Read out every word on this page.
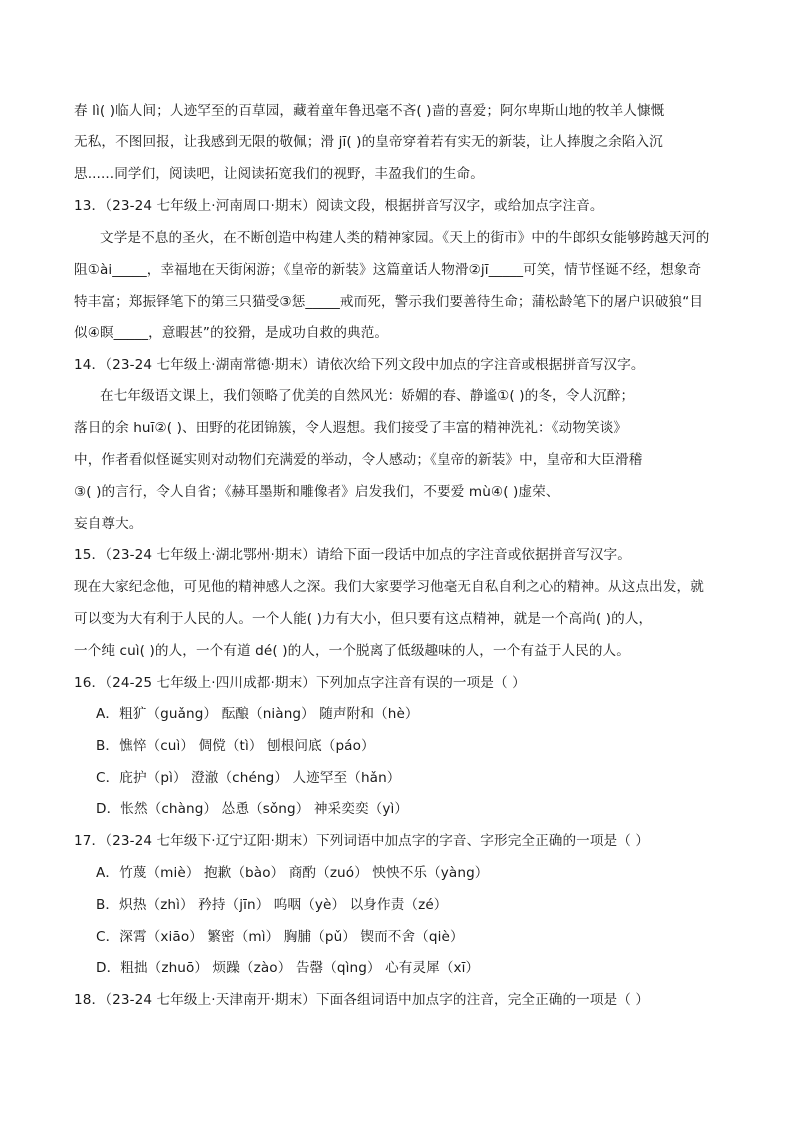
春 lì( )临人间；人迹罕至的百草园，藏着童年鲁迅毫不吝( )啬的喜爱；阿尔卑斯山地的牧羊人慷慨
无私，不图回报，让我感到无限的敬佩；滑 jī( )的皇帝穿着若有实无的新装，让人捧腹之余陷入沉
思......同学们，阅读吧，让阅读拓宽我们的视野，丰盈我们的生命。
13．（23-24 七年级上·河南周口·期末）阅读文段，根据拼音写汉字，或给加点字注音。
文学是不息的圣火，在不断创造中构建人类的精神家园。《天上的街市》中的牛郎织女能够跨越天河的
阻①ài_____，幸福地在天街闲游；《皇帝的新装》这篇童话人物滑②jī_____可笑，情节怪诞不经，想象奇
特丰富；郑振铎笔下的第三只猫受③惩_____戒而死，警示我们要善待生命；蒲松龄笔下的屠户识破狼“目
似④瞑_____，意暇甚”的狡猾，是成功自救的典范。
14．（23-24 七年级上·湖南常德·期末）请依次给下列文段中加点的字注音或根据拼音写汉字。
在七年级语文课上，我们领略了优美的自然风光：娇媚的春、静谧①( )的冬，令人沉醉；
落日的余 huī②( )、田野的花团锦簇，令人遐想。我们接受了丰富的精神洗礼：《动物笑谈》
中，作者看似怪诞实则对动物们充满爱的举动，令人感动；《皇帝的新装》中，皇帝和大臣滑稽
③( )的言行，令人自省；《赫耳墨斯和雕像者》启发我们，不要爱 mù④( )虚荣、
妄自尊大。
15．（23-24 七年级上·湖北鄂州·期末）请给下面一段话中加点的字注音或依据拼音写汉字。
现在大家纪念他，可见他的精神感人之深。我们大家要学习他毫无自私自利之心的精神。从这点出发，就
可以变为大有利于人民的人。一个人能( )力有大小，但只要有这点精神，就是一个高尚( )的人，
一个纯 cuì( )的人，一个有道 dé( )的人，一个脱离了低级趣味的人，一个有益于人民的人。
16．（24-25 七年级上·四川成都·期末）下列加点字注音有误的一项是（ ）
A．粗犷（guǎng） 酝酿（niàng） 随声附和（hè）
B．憔悴（cuì） 倜傥（tì） 刨根问底（páo）
C．庇护（pì） 澄澈（chéng） 人迹罕至（hǎn）
D．怅然（chàng） 怂恿（sǒng） 神采奕奕（yì）
17．（23-24 七年级下·辽宁辽阳·期末）下列词语中加点字的字音、字形完全正确的一项是（ ）
A．竹蔑（miè） 抱歉（bào） 商酌（zuó） 怏怏不乐（yàng）
B．炽热（zhì） 矜持（jīn） 呜咽（yè） 以身作责（zé）
C．深霄（xiāo） 繁密（mì） 胸脯（pǔ） 锲而不舍（qiè）
D．粗拙（zhuō） 烦躁（zào） 告罄（qìng） 心有灵犀（xī）
18．（23-24 七年级上·天津南开·期末）下面各组词语中加点字的注音，完全正确的一项是（ ）
